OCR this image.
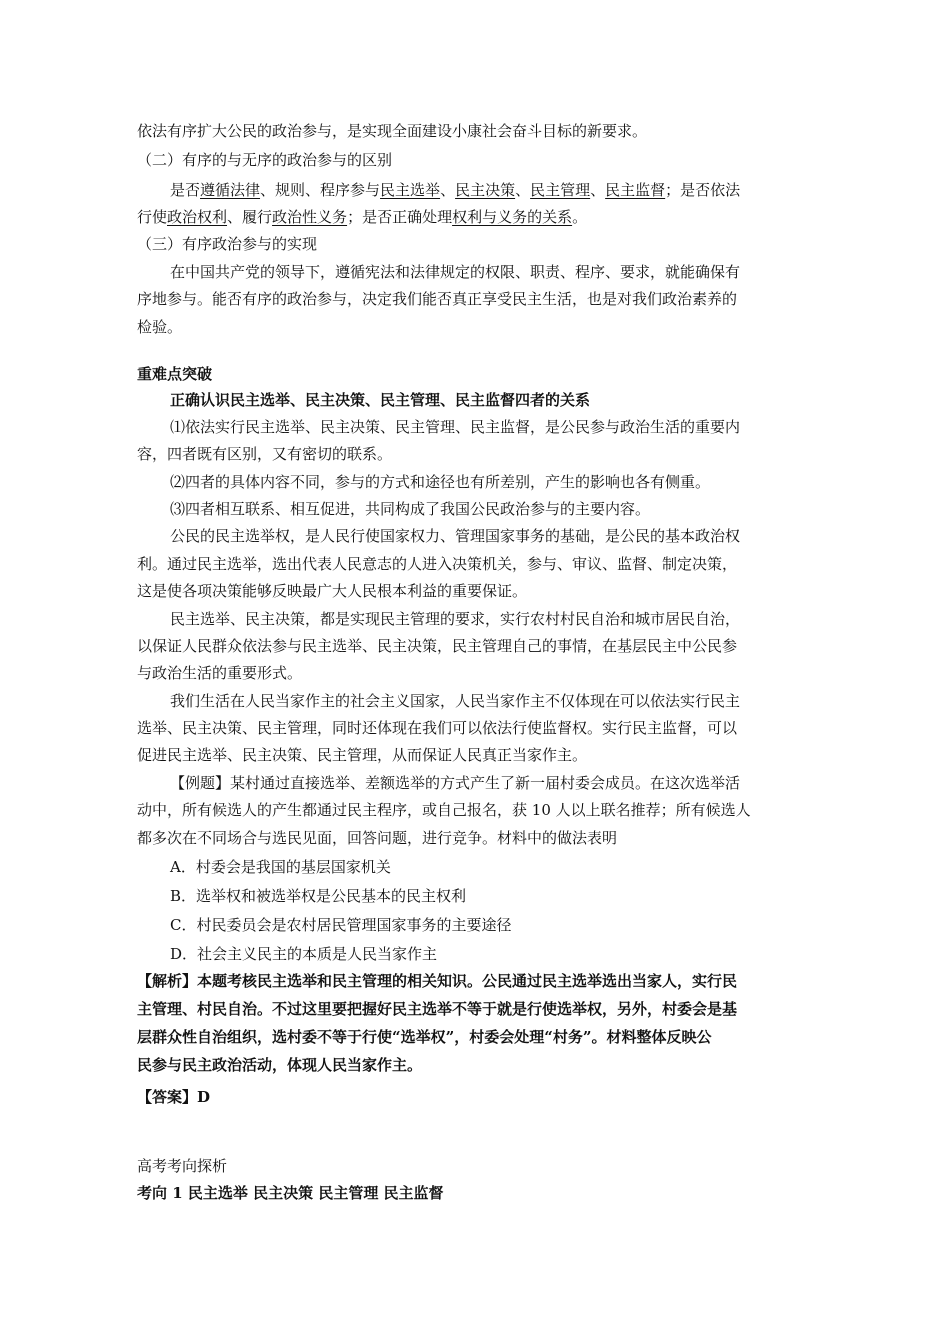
依法有序扩大公民的政治参与，是实现全面建设小康社会奋斗目标的新要求。
（二）有序的与无序的政治参与的区别
是否遵循法律、规则、程序参与民主选举、民主决策、民主管理、民主监督；是否依法
行使政治权利、履行政治性义务；是否正确处理权利与义务的关系。
（三）有序政治参与的实现
在中国共产党的领导下，遵循宪法和法律规定的权限、职责、程序、要求，就能确保有
序地参与。能否有序的政治参与，决定我们能否真正享受民主生活，也是对我们政治素养的
检验。
重难点突破
正确认识民主选举、民主决策、民主管理、民主监督四者的关系
⑴依法实行民主选举、民主决策、民主管理、民主监督，是公民参与政治生活的重要内
容，四者既有区别，又有密切的联系。
⑵四者的具体内容不同，参与的方式和途径也有所差别，产生的影响也各有侧重。
⑶四者相互联系、相互促进，共同构成了我国公民政治参与的主要内容。
公民的民主选举权，是人民行使国家权力、管理国家事务的基础，是公民的基本政治权
利。通过民主选举，选出代表人民意志的人进入决策机关，参与、审议、监督、制定决策，
这是使各项决策能够反映最广大人民根本利益的重要保证。
民主选举、民主决策，都是实现民主管理的要求，实行农村村民自治和城市居民自治，
以保证人民群众依法参与民主选举、民主决策，民主管理自己的事情，在基层民主中公民参
与政治生活的重要形式。
我们生活在人民当家作主的社会主义国家，人民当家作主不仅体现在可以依法实行民主
选举、民主决策、民主管理，同时还体现在我们可以依法行使监督权。实行民主监督，可以
促进民主选举、民主决策、民主管理，从而保证人民真正当家作主。
【例题】某村通过直接选举、差额选举的方式产生了新一届村委会成员。在这次选举活
动中，所有候选人的产生都通过民主程序，或自己报名，获 10 人以上联名推荐；所有候选人
都多次在不同场合与选民见面，回答问题，进行竞争。材料中的做法表明
A．村委会是我国的基层国家机关
B．选举权和被选举权是公民基本的民主权利
C．村民委员会是农村居民管理国家事务的主要途径
D．社会主义民主的本质是人民当家作主
【解析】本题考核民主选举和民主管理的相关知识。公民通过民主选举选出当家人，实行民
主管理、村民自治。不过这里要把握好民主选举不等于就是行使选举权，另外，村委会是基
层群众性自治组织，选村委不等于行使“选举权”，村委会处理“村务”。材料整体反映公
民参与民主政治活动，体现人民当家作主。
【答案】D
高考考向探析
考向 1 民主选举 民主决策 民主管理 民主监督
